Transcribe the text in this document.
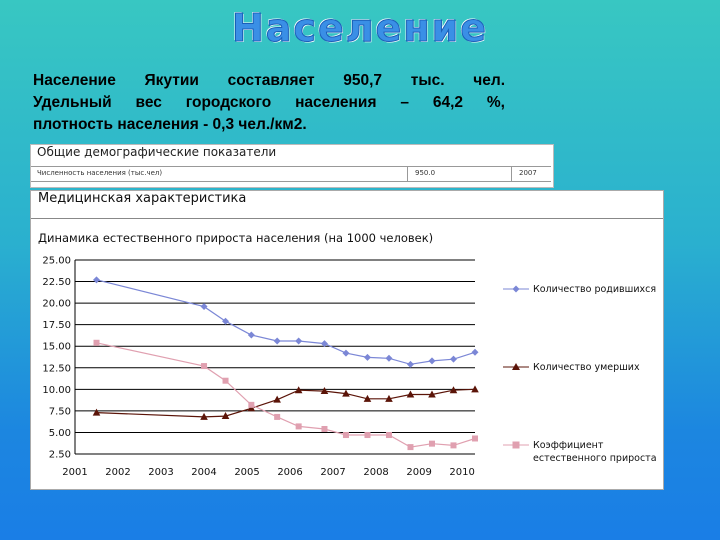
Население

Население Якутии составляет 950,7 тыс. чел.

Удельный вес городского населения – 64,2 %,

плотность населения - 0,3 чел./км2.

Общие демографические показатели
Численность населения (тыс.чел)	950.0	2007
Медицинская характеристика
Динамика естественного прироста населения (на 1000 человек)
2.50
5.00
7.50
10.00
12.50
15.00
17.50
20.00
22.50
25.00
2001 2002 2003 2004 2005 2006 2007 2008 2009 2010
Количество родившихся
Количество умерших
Коэффициент естественного прироста
